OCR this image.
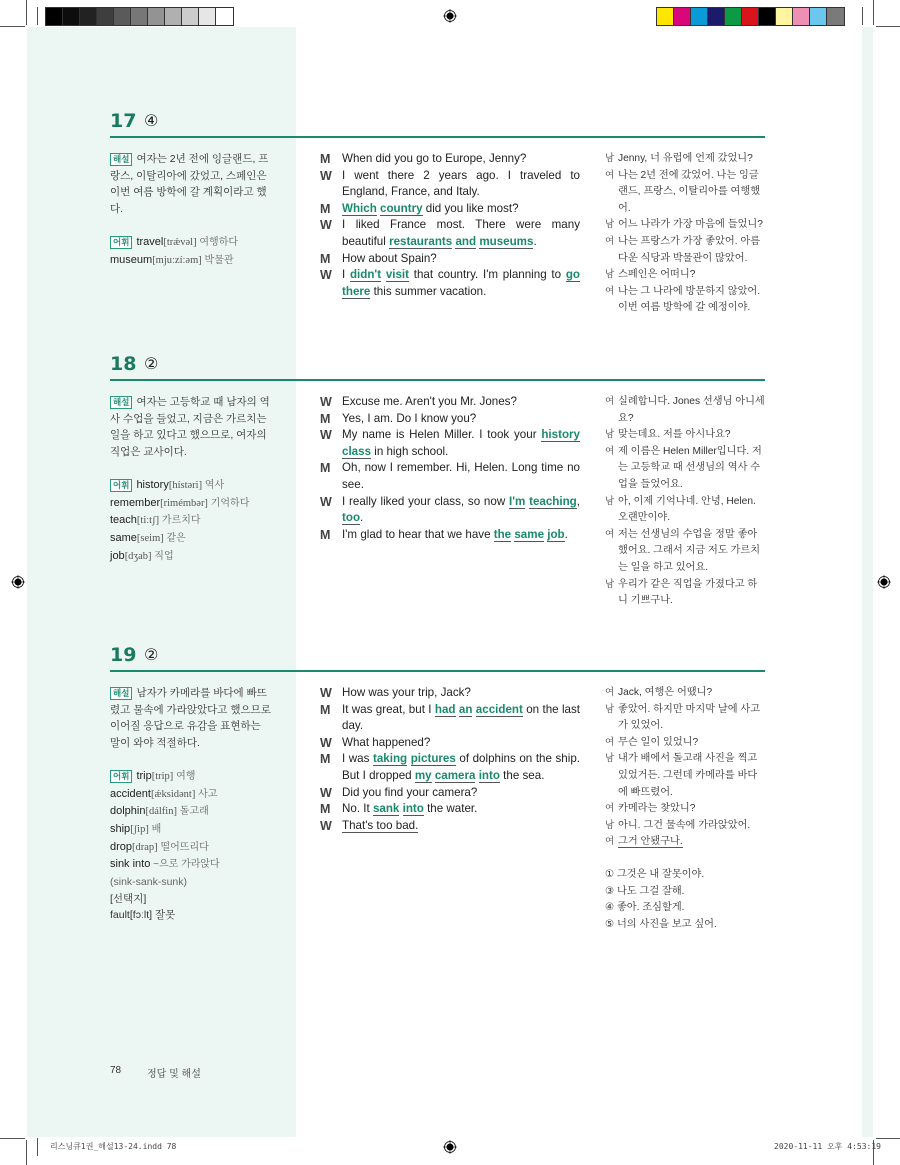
17 ④
해설 여자는 2년 전에 잉글랜드, 프랑스, 이탈리아에 갔었고, 스페인은 이번 여름 방학에 갈 계획이라고 했다.
어휘 travel[trǽvəl] 여행하다
museum[mjuːzíːəm] 박물관
M When did you go to Europe, Jenny?
W I went there 2 years ago. I traveled to England, France, and Italy.
M Which country did you like most?
W I liked France most. There were many beautiful restaurants and museums.
M How about Spain?
W I didn't visit that country. I'm planning to go there this summer vacation.
남 Jenny, 너 유럽에 언제 갔었니?
여 나는 2년 전에 갔었어. 나는 잉글랜드, 프랑스, 이탈리아를 여행했어.
남 어느 나라가 가장 마음에 들었니?
여 나는 프랑스가 가장 좋았어. 아름다운 식당과 박물관이 많았어.
남 스페인은 어떠니?
여 나는 그 나라에 방문하지 않았어. 이번 여름 방학에 갈 예정이야.
18 ②
해설 여자는 고등학교 때 남자의 역사 수업을 들었고, 지금은 가르치는 일을 하고 있다고 했으므로, 여자의 직업은 교사이다.
어휘 history[hístəri] 역사
remember[rimémbər] 기억하다
teach[tiːtʃ] 가르치다
same[seim] 같은
job[dʒab] 직업
W Excuse me. Aren't you Mr. Jones?
M Yes, I am. Do I know you?
W My name is Helen Miller. I took your history class in high school.
M Oh, now I remember. Hi, Helen. Long time no see.
W I really liked your class, so now I'm teaching, too.
M I'm glad to hear that we have the same job.
여 실례합니다. Jones 선생님 아니세요?
남 맞는데요. 저를 아시나요?
여 제 이름은 Helen Miller입니다. 저는 고등학교 때 선생님의 역사 수업을 들었어요.
남 아, 이제 기억나네. 안녕, Helen. 오랜만이야.
여 저는 선생님의 수업을 정말 좋아했어요. 그래서 지금 저도 가르치는 일을 하고 있어요.
남 우리가 같은 직업을 가졌다고 하니 기쁘구나.
19 ②
해설 남자가 카메라를 바다에 빠뜨렸고 물속에 가라앉았다고 했으므로 이어질 응답으로 유감을 표현하는 말이 와야 적절하다.
어휘 trip[trip] 여행
accident[ǽksidənt] 사고
dolphin[dálfin] 돌고래
ship[ʃip] 배
drop[drap] 떨어뜨리다
sink into ~으로 가라앉다
(sink-sank-sunk)
[선택지]
fault[fɔːlt] 잘못
W How was your trip, Jack?
M It was great, but I had an accident on the last day.
W What happened?
M I was taking pictures of dolphins on the ship. But I dropped my camera into the sea.
W Did you find your camera?
M No. It sank into the water.
W That's too bad.
여 Jack, 여행은 어땠니?
남 좋았어. 하지만 마지막 날에 사고가 있었어.
여 무슨 일이 있었니?
남 내가 배에서 돌고래 사진을 찍고 있었거든. 그런데 카메라를 바다에 빠뜨렸어.
여 카메라는 찾았니?
남 아니. 그건 물속에 가라앉았어.
여 그거 안됐구나.
① 그것은 내 잘못이야.
③ 나도 그걸 잘해.
④ 좋아. 조심할게.
⑤ 너의 사진을 보고 싶어.
78	정답 및 해설
리스닝큐1권_해설13-24.indd 78	2020-11-11 오후 4:53:19
